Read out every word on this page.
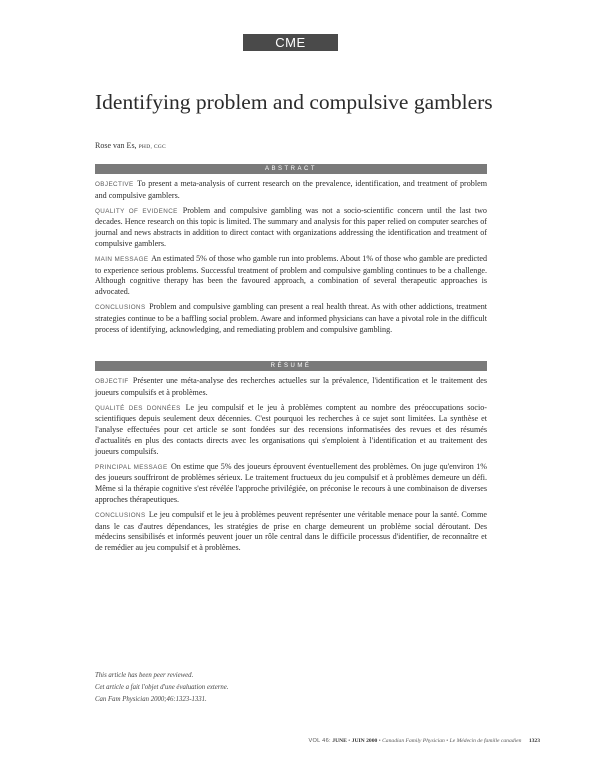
CME
Identifying problem and compulsive gamblers
Rose van Es, PHD, CGC
ABSTRACT

OBJECTIVE To present a meta-analysis of current research on the prevalence, identification, and treatment of problem and compulsive gamblers.

QUALITY OF EVIDENCE Problem and compulsive gambling was not a socio-scientific concern until the last two decades. Hence research on this topic is limited. The summary and analysis for this paper relied on computer searches of journal and news abstracts in addition to direct contact with organizations addressing the identification and treatment of compulsive gamblers.

MAIN MESSAGE An estimated 5% of those who gamble run into problems. About 1% of those who gamble are predicted to experience serious problems. Successful treatment of problem and compulsive gambling continues to be a challenge. Although cognitive therapy has been the favoured approach, a combination of several therapeutic approaches is advocated.

CONCLUSIONS Problem and compulsive gambling can present a real health threat. As with other addictions, treatment strategies continue to be a baffling social problem. Aware and informed physicians can have a pivotal role in the difficult process of identifying, acknowledging, and remediating problem and compulsive gambling.

RÉSUMÉ

OBJECTIF Présenter une méta-analyse des recherches actuelles sur la prévalence, l'identification et le traitement des joueurs compulsifs et à problèmes.

QUALITÉ DES DONNÉES Le jeu compulsif et le jeu à problèmes comptent au nombre des préoccupations socio-scientifiques depuis seulement deux décennies. C'est pourquoi les recherches à ce sujet sont limitées. La synthèse et l'analyse effectuées pour cet article se sont fondées sur des recensions informatisées des revues et des résumés d'actualités en plus des contacts directs avec les organisations qui s'emploient à l'identification et au traitement des joueurs compulsifs.

PRINCIPAL MESSAGE On estime que 5% des joueurs éprouvent éventuellement des problèmes. On juge qu'environ 1% des joueurs souffriront de problèmes sérieux. Le traitement fructueux du jeu compulsif et à problèmes demeure un défi. Même si la thérapie cognitive s'est révélée l'approche privilégiée, on préconise le recours à une combinaison de diverses approches thérapeutiques.

CONCLUSIONS Le jeu compulsif et le jeu à problèmes peuvent représenter une véritable menace pour la santé. Comme dans le cas d'autres dépendances, les stratégies de prise en charge demeurent un problème social déroutant. Des médecins sensibilisés et informés peuvent jouer un rôle central dans le difficile processus d'identifier, de reconnaître et de remédier au jeu compulsif et à problèmes.

This article has been peer reviewed.
Cet article a fait l'objet d'une évaluation externe.
Can Fam Physician 2000;46:1323-1331.
VOL 46: JUNE • JUIN 2000 • Canadian Family Physician • Le Médecin de famille canadien 1323
